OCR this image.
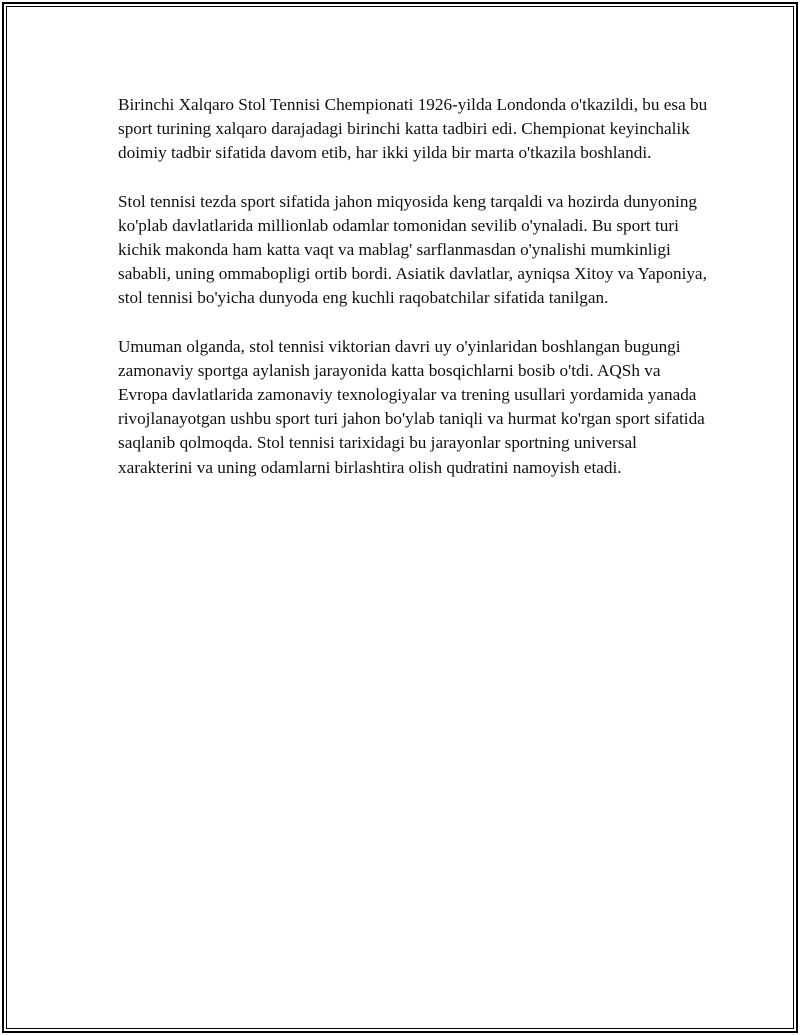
Birinchi Xalqaro Stol Tennisi Chempionati 1926-yilda Londonda o'tkazildi, bu esa bu sport turining xalqaro darajadagi birinchi katta tadbiri edi. Chempionat keyinchalik doimiy tadbir sifatida davom etib, har ikki yilda bir marta o'tkazila boshlandi.

Stol tennisi tezda sport sifatida jahon miqyosida keng tarqaldi va hozirda dunyoning ko'plab davlatlarida millionlab odamlar tomonidan sevilib o'ynaladi. Bu sport turi kichik makonda ham katta vaqt va mablag' sarflanmasdan o'ynalishi mumkinligi sababli, uning ommabopligi ortib bordi. Asiatik davlatlar, ayniqsa Xitoy va Yaponiya, stol tennisi bo'yicha dunyoda eng kuchli raqobatchilar sifatida tanilgan.

Umuman olganda, stol tennisi viktorian davri uy o'yinlaridan boshlangan bugungi zamonaviy sportga aylanish jarayonida katta bosqichlarni bosib o'tdi. AQSh va Evropa davlatlarida zamonaviy texnologiyalar va trening usullari yordamida yanada rivojlanayotgan ushbu sport turi jahon bo'ylab taniqli va hurmat ko'rgan sport sifatida saqlanib qolmoqda. Stol tennisi tarixidagi bu jarayonlar sportning universal xarakterini va uning odamlarni birlashtira olish qudratini namoyish etadi.
